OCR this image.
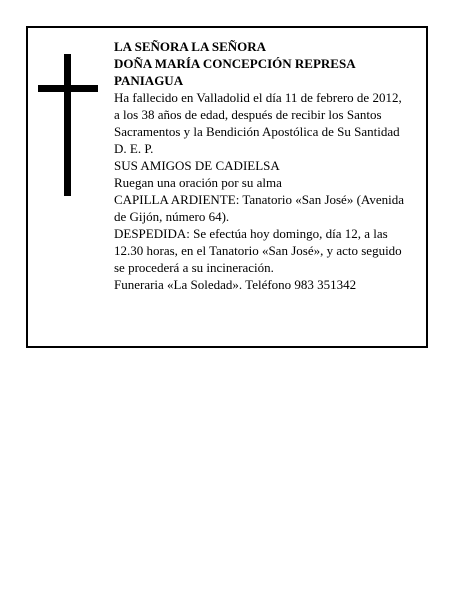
LA SEÑORA LA SEÑORA

DOÑA MARÍA CONCEPCIÓN REPRESA

PANIAGUA

Ha fallecido en Valladolid el día 11 de febrero de 2012,

a los 38 años de edad, después de recibir los Santos

Sacramentos y la Bendición Apostólica de Su Santidad

D. E. P.

SUS AMIGOS DE CADIELSA

Ruegan una oración por su alma

CAPILLA ARDIENTE: Tanatorio «San José» (Avenida

de Gijón, número 64).

DESPEDIDA: Se efectúa hoy domingo, día 12, a las

12.30 horas, en el Tanatorio «San José», y acto seguido

se procederá a su incineración.

Funeraria «La Soledad». Teléfono 983 351342
